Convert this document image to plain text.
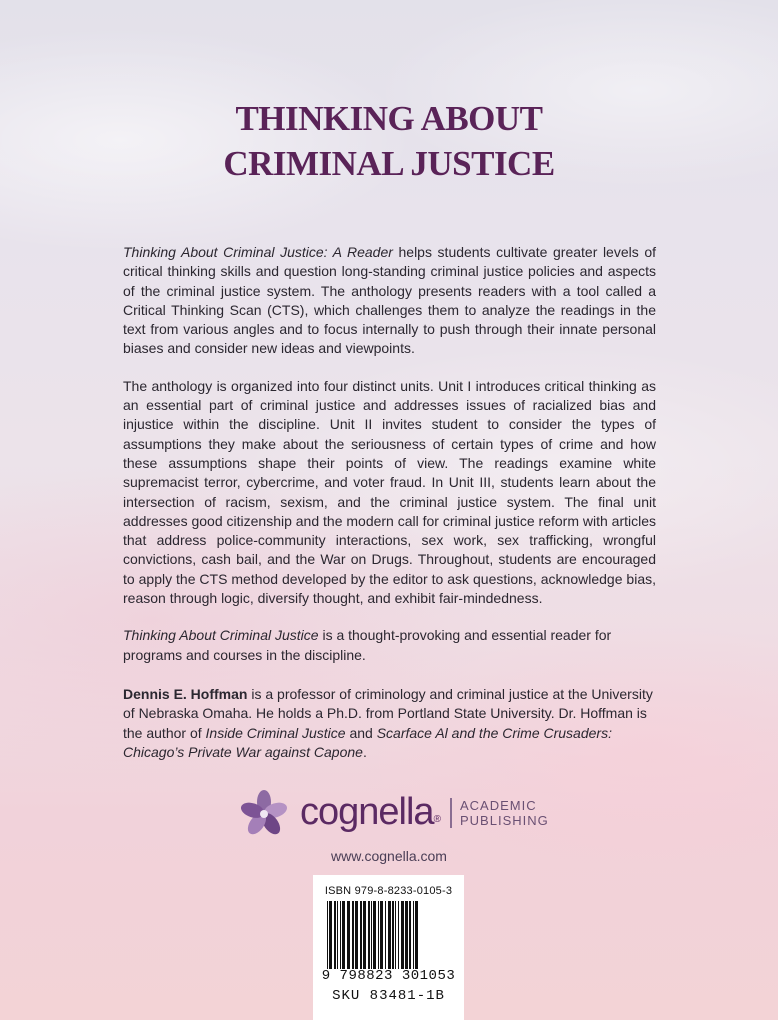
THINKING ABOUT
CRIMINAL JUSTICE

Thinking About Criminal Justice: A Reader helps students cultivate greater levels of critical thinking skills and question long-standing criminal justice policies and aspects of the criminal justice system. The anthology presents readers with a tool called a Critical Thinking Scan (CTS), which challenges them to analyze the readings in the text from various angles and to focus internally to push through their innate personal biases and consider new ideas and viewpoints.

The anthology is organized into four distinct units. Unit I introduces critical thinking as an essential part of criminal justice and addresses issues of racialized bias and injustice within the discipline. Unit II invites student to consider the types of assumptions they make about the seriousness of certain types of crime and how these assumptions shape their points of view. The readings examine white supremacist terror, cybercrime, and voter fraud. In Unit III, students learn about the intersection of racism, sexism, and the criminal justice system. The final unit addresses good citizenship and the modern call for criminal justice reform with articles that address police-community interactions, sex work, sex trafficking, wrongful convictions, cash bail, and the War on Drugs. Throughout, students are encouraged to apply the CTS method developed by the editor to ask questions, acknowledge bias, reason through logic, diversify thought, and exhibit fair-mindedness.

Thinking About Criminal Justice is a thought-provoking and essential reader for programs and courses in the discipline.

Dennis E. Hoffman is a professor of criminology and criminal justice at the University of Nebraska Omaha. He holds a Ph.D. from Portland State University. Dr. Hoffman is the author of Inside Criminal Justice and Scarface Al and the Crime Crusaders: Chicago’s Private War against Capone.

cognella®
ACADEMIC
PUBLISHING
www.cognella.com
ISBN 979-8-8233-0105-3
9 798823 301053
SKU 83481-1B
